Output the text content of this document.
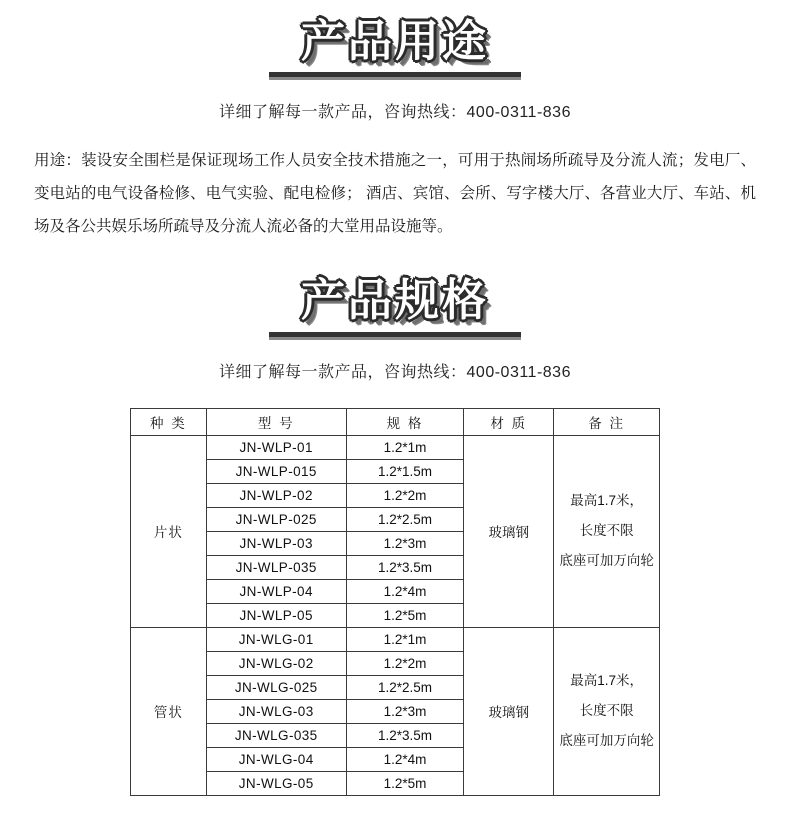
产品用途
详细了解每一款产品，咨询热线：400-0311-836
用途：装设安全围栏是保证现场工作人员安全技术措施之一，可用于热闹场所疏导及分流人流；发电厂、变电站的电气设备检修、电气实验、配电检修； 酒店、宾馆、会所、写字楼大厅、各营业大厅、车站、机场及各公共娱乐场所疏导及分流人流必备的大堂用品设施等。
产品规格
详细了解每一款产品，咨询热线：400-0311-836
种 类	型 号	规 格	材 质	备 注
片状	JN-WLP-01	1.2*1m	玻璃钢	最高1.7米，
长度不限
底座可加万向轮

	JN-WLP-015	1.2*1.5m		
	JN-WLP-02	1.2*2m		
	JN-WLP-025	1.2*2.5m		
	JN-WLP-03	1.2*3m		
	JN-WLP-035	1.2*3.5m		
	JN-WLP-04	1.2*4m		
	JN-WLP-05	1.2*5m		
管状	JN-WLG-01	1.2*1m	玻璃钢	最高1.7米，
长度不限
底座可加万向轮

	JN-WLG-02	1.2*2m		
	JN-WLG-025	1.2*2.5m		
	JN-WLG-03	1.2*3m		
	JN-WLG-035	1.2*3.5m		
	JN-WLG-04	1.2*4m		
	JN-WLG-05	1.2*5m		
